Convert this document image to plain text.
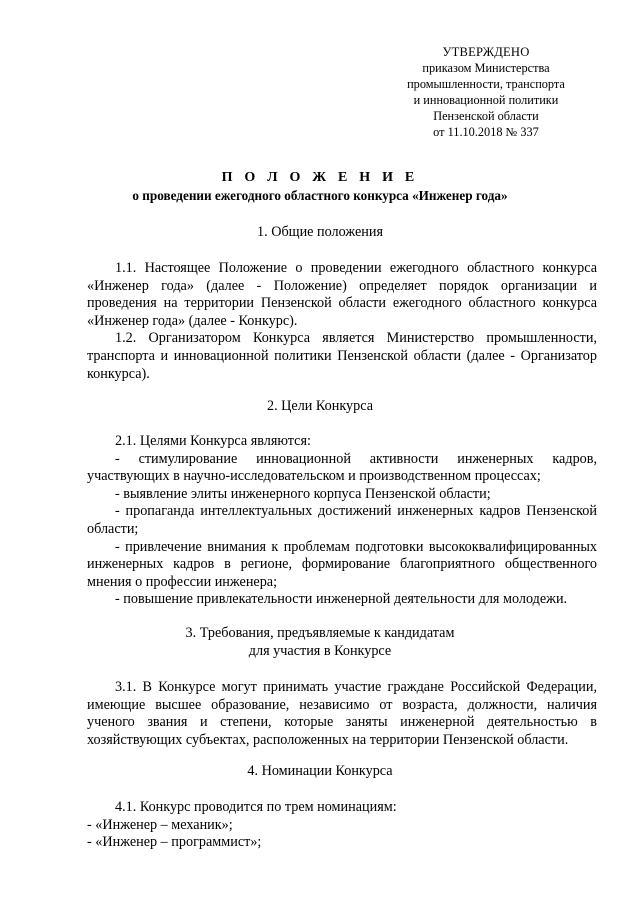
УТВЕРЖДЕНО
приказом Министерства
промышленности, транспорта
и инновационной политики
Пензенской области
от 11.10.2018 № 337
П О Л О Ж Е Н И Е
о проведении ежегодного областного конкурса «Инженер года»
1. Общие положения

1.1. Настоящее Положение о проведении ежегодного областного конкурса «Инженер года» (далее - Положение) определяет порядок организации и проведения на территории Пензенской области ежегодного областного конкурса «Инженер года» (далее - Конкурс).

1.2. Организатором Конкурса является Министерство промышленности, транспорта и инновационной политики Пензенской области (далее - Организатор конкурса).

2. Цели Конкурса

2.1. Целями Конкурса являются:

- стимулирование инновационной активности инженерных кадров, участвующих в научно-исследовательском и производственном процессах;

- выявление элиты инженерного корпуса Пензенской области;

- пропаганда интеллектуальных достижений инженерных кадров Пензенской области;

- привлечение внимания к проблемам подготовки высококвалифицированных инженерных кадров в регионе, формирование благоприятного общественного мнения о профессии инженера;

- повышение привлекательности инженерной деятельности для молодежи.

3. Требования, предъявляемые к кандидатам
для участия в Конкурсе

3.1. В Конкурсе могут принимать участие граждане Российской Федерации, имеющие высшее образование, независимо от возраста, должности, наличия ученого звания и степени, которые заняты инженерной деятельностью в хозяйствующих субъектах, расположенных на территории Пензенской области.

4. Номинации Конкурса

4.1. Конкурс проводится по трем номинациям:

- «Инженер – механик»;

- «Инженер – программист»;
